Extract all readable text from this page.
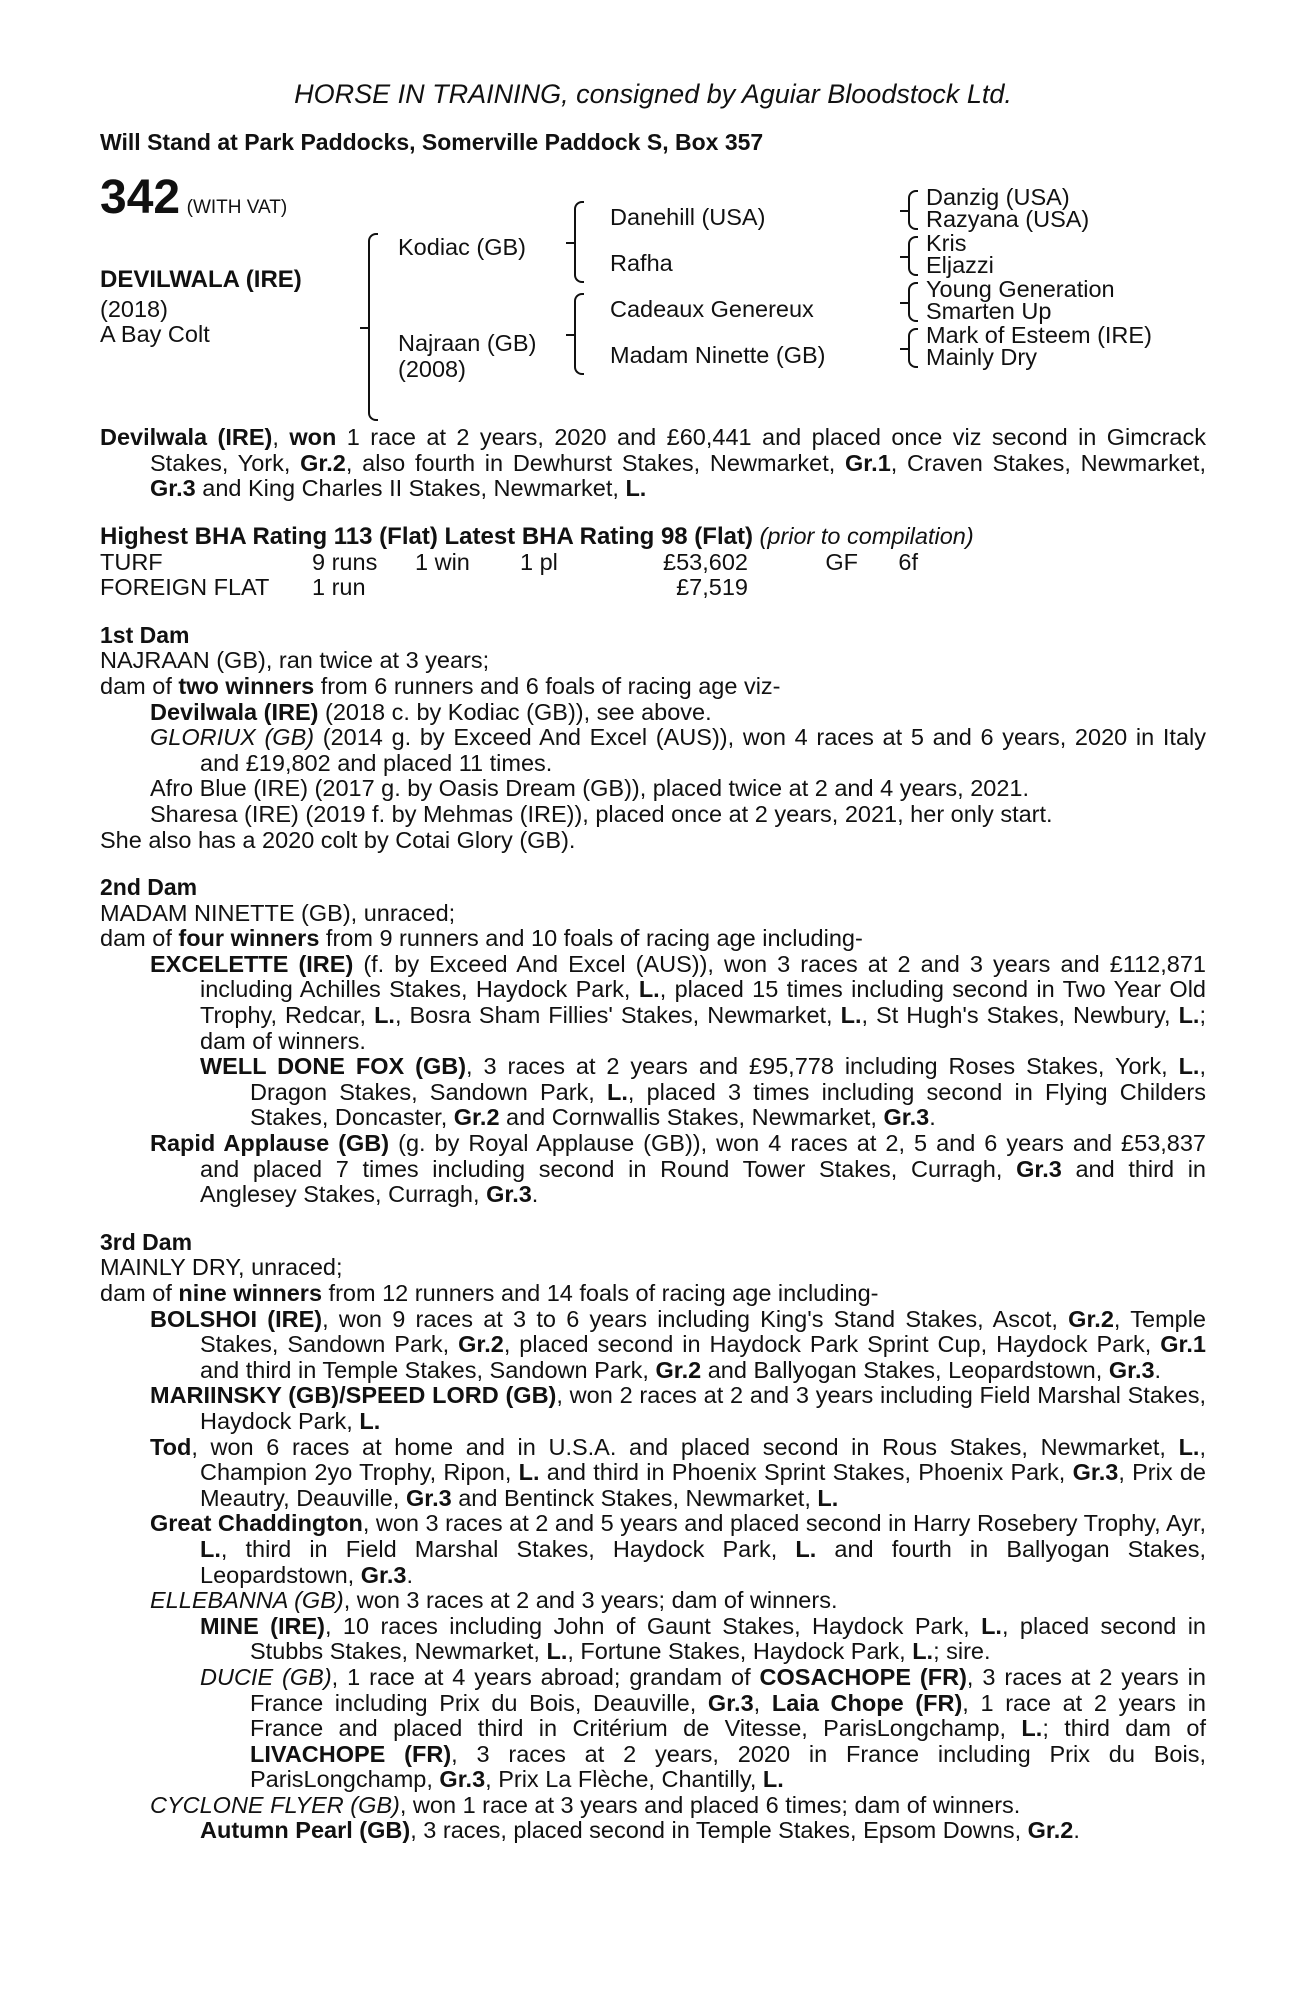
HORSE IN TRAINING, consigned by Aguiar Bloodstock Ltd.
Will Stand at Park Paddocks, Somerville Paddock S, Box 357
342 (WITH VAT)
DEVILWALA (IRE)
(2018)
A Bay Colt
Kodiac (GB)
Najraan (GB)
(2008)
Danehill (USA)
Rafha
Cadeaux Genereux
Madam Ninette (GB)
Danzig (USA)
Razyana (USA)
Kris
Eljazzi
Young Generation
Smarten Up
Mark of Esteem (IRE)
Mainly Dry

Devilwala (IRE), won 1 race at 2 years, 2020 and £60,441 and placed once viz second in Gimcrack Stakes, York, Gr.2, also fourth in Dewhurst Stakes, Newmarket, Gr.1, Craven Stakes, Newmarket, Gr.3 and King Charles II Stakes, Newmarket, L.

Highest BHA Rating 113 (Flat) Latest BHA Rating 98 (Flat) (prior to compilation)
TURF	9 runs	1 win	1 pl	£53,602	GF	6f
FOREIGN FLAT	1 run	£7,519
1st Dam

NAJRAAN (GB), ran twice at 3 years;

dam of two winners from 6 runners and 6 foals of racing age viz-

Devilwala (IRE) (2018 c. by Kodiac (GB)), see above.

GLORIUX (GB) (2014 g. by Exceed And Excel (AUS)), won 4 races at 5 and 6 years, 2020 in Italy and £19,802 and placed 11 times.

Afro Blue (IRE) (2017 g. by Oasis Dream (GB)), placed twice at 2 and 4 years, 2021.

Sharesa (IRE) (2019 f. by Mehmas (IRE)), placed once at 2 years, 2021, her only start.

She also has a 2020 colt by Cotai Glory (GB).

2nd Dam

MADAM NINETTE (GB), unraced;

dam of four winners from 9 runners and 10 foals of racing age including-

EXCELETTE (IRE) (f. by Exceed And Excel (AUS)), won 3 races at 2 and 3 years and £112,871 including Achilles Stakes, Haydock Park, L., placed 15 times including second in Two Year Old Trophy, Redcar, L., Bosra Sham Fillies' Stakes, Newmarket, L., St Hugh's Stakes, Newbury, L.; dam of winners.

WELL DONE FOX (GB), 3 races at 2 years and £95,778 including Roses Stakes, York, L., Dragon Stakes, Sandown Park, L., placed 3 times including second in Flying Childers Stakes, Doncaster, Gr.2 and Cornwallis Stakes, Newmarket, Gr.3.

Rapid Applause (GB) (g. by Royal Applause (GB)), won 4 races at 2, 5 and 6 years and £53,837 and placed 7 times including second in Round Tower Stakes, Curragh, Gr.3 and third in Anglesey Stakes, Curragh, Gr.3.

3rd Dam

MAINLY DRY, unraced;

dam of nine winners from 12 runners and 14 foals of racing age including-

BOLSHOI (IRE), won 9 races at 3 to 6 years including King's Stand Stakes, Ascot, Gr.2, Temple Stakes, Sandown Park, Gr.2, placed second in Haydock Park Sprint Cup, Haydock Park, Gr.1 and third in Temple Stakes, Sandown Park, Gr.2 and Ballyogan Stakes, Leopardstown, Gr.3.

MARIINSKY (GB)/SPEED LORD (GB), won 2 races at 2 and 3 years including Field Marshal Stakes, Haydock Park, L.

Tod, won 6 races at home and in U.S.A. and placed second in Rous Stakes, Newmarket, L., Champion 2yo Trophy, Ripon, L. and third in Phoenix Sprint Stakes, Phoenix Park, Gr.3, Prix de Meautry, Deauville, Gr.3 and Bentinck Stakes, Newmarket, L.

Great Chaddington, won 3 races at 2 and 5 years and placed second in Harry Rosebery Trophy, Ayr, L., third in Field Marshal Stakes, Haydock Park, L. and fourth in Ballyogan Stakes, Leopardstown, Gr.3.

ELLEBANNA (GB), won 3 races at 2 and 3 years; dam of winners.

MINE (IRE), 10 races including John of Gaunt Stakes, Haydock Park, L., placed second in Stubbs Stakes, Newmarket, L., Fortune Stakes, Haydock Park, L.; sire.

DUCIE (GB), 1 race at 4 years abroad; grandam of COSACHOPE (FR), 3 races at 2 years in France including Prix du Bois, Deauville, Gr.3, Laia Chope (FR), 1 race at 2 years in France and placed third in Critérium de Vitesse, ParisLongchamp, L.; third dam of LIVACHOPE (FR), 3 races at 2 years, 2020 in France including Prix du Bois, ParisLongchamp, Gr.3, Prix La Flèche, Chantilly, L.

CYCLONE FLYER (GB), won 1 race at 3 years and placed 6 times; dam of winners.

Autumn Pearl (GB), 3 races, placed second in Temple Stakes, Epsom Downs, Gr.2.
